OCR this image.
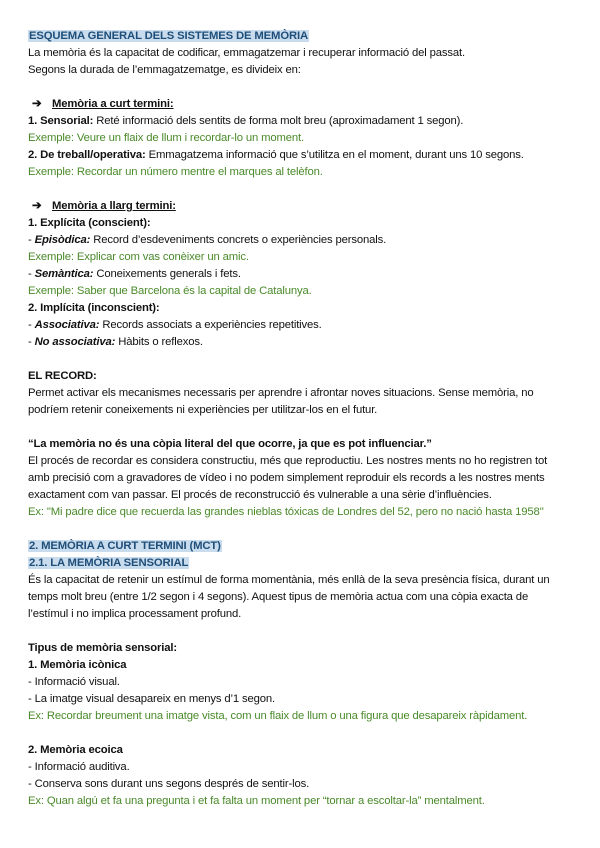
ESQUEMA GENERAL DELS SISTEMES DE MEMÒRIA
La memòria és la capacitat de codificar, emmagatzemar i recuperar informació del passat.
Segons la durada de l’emmagatzematge, es divideix en:
➔ Memòria a curt termini:
1. Sensorial: Reté informació dels sentits de forma molt breu (aproximadament 1 segon).
Exemple: Veure un flaix de llum i recordar-lo un moment.
2. De treball/operativa: Emmagatzema informació que s’utilitza en el moment, durant uns 10 segons.
Exemple: Recordar un número mentre el marques al telèfon.
➔ Memòria a llarg termini:
1. Explícita (conscient):
- Episòdica: Record d’esdeveniments concrets o experiències personals.
Exemple: Explicar com vas conèixer un amic.
- Semàntica: Coneixements generals i fets.
Exemple: Saber que Barcelona és la capital de Catalunya.
2. Implícita (inconscient):
- Associativa: Records associats a experiències repetitives.
- No associativa: Hàbits o reflexos.
EL RECORD:
Permet activar els mecanismes necessaris per aprendre i afrontar noves situacions. Sense memòria, no podríem retenir coneixements ni experiències per utilitzar-los en el futur.
“La memòria no és una còpia literal del que ocorre, ja que es pot influenciar.”
El procés de recordar es considera constructiu, més que reproductiu. Les nostres ments no ho registren tot amb precisió com a gravadores de vídeo i no podem simplement reproduir els records a les nostres ments exactament com van passar. El procés de reconstrucció és vulnerable a una sèrie d’influències.
Ex: "Mi padre dice que recuerda las grandes nieblas tóxicas de Londres del 52, pero no nació hasta 1958"
2. MEMÒRIA A CURT TERMINI (MCT)
2.1. LA MEMÒRIA SENSORIAL
És la capacitat de retenir un estímul de forma momentània, més enllà de la seva presència física, durant un temps molt breu (entre 1/2 segon i 4 segons). Aquest tipus de memòria actua com una còpia exacta de l’estímul i no implica processament profund.
Tipus de memòria sensorial:
1. Memòria icònica
- Informació visual.
- La imatge visual desapareix en menys d’1 segon.
Ex: Recordar breument una imatge vista, com un flaix de llum o una figura que desapareix ràpidament.
2. Memòria ecoica
- Informació auditiva.
- Conserva sons durant uns segons després de sentir-los.
Ex: Quan algú et fa una pregunta i et fa falta un moment per “tornar a escoltar-la” mentalment.
